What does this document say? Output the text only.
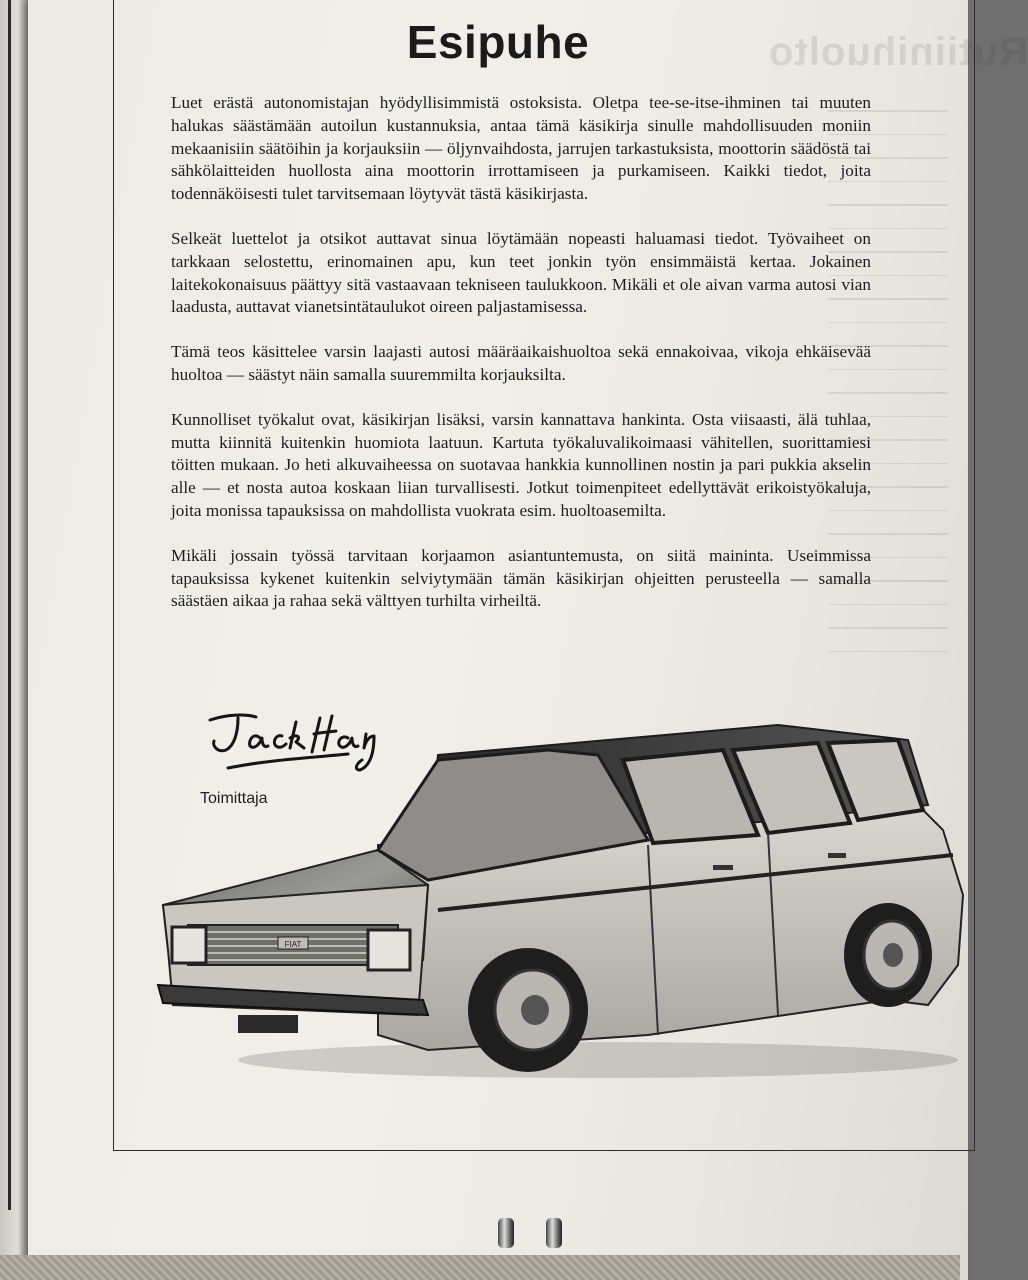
Rutiinihuolto
Esipuhe

Luet erästä autonomistajan hyödyllisimmistä ostoksista. Oletpa tee-se-itse-ihminen tai muuten halukas säästämään autoilun kustannuksia, antaa tämä käsikirja sinulle mahdollisuuden moniin mekaanisiin säätöihin ja korjauksiin — öljynvaihdosta, jarrujen tarkastuksista, moottorin säädöstä tai sähkölaitteiden huollosta aina moottorin irrottamiseen ja purkamiseen. Kaikki tiedot, joita todennäköisesti tulet tarvitsemaan löytyvät tästä käsikirjasta.

Selkeät luettelot ja otsikot auttavat sinua löytämään nopeasti haluamasi tiedot. Työvaiheet on tarkkaan selostettu, erinomainen apu, kun teet jonkin työn ensimmäistä kertaa. Jokainen laitekokonaisuus päättyy sitä vastaavaan tekniseen taulukkoon. Mikäli et ole aivan varma autosi vian laadusta, auttavat vianetsintätaulukot oireen paljastamisessa.

Tämä teos käsittelee varsin laajasti autosi määräaikaishuoltoa sekä ennakoivaa, vikoja ehkäisevää huoltoa — säästyt näin samalla suuremmilta korjauksilta.

Kunnolliset työkalut ovat, käsikirjan lisäksi, varsin kannattava hankinta. Osta viisaasti, älä tuhlaa, mutta kiinnitä kuitenkin huomiota laatuun. Kartuta työkaluvalikoimaasi vähitellen, suorittamiesi töitten mukaan. Jo heti alkuvaiheessa on suotavaa hankkia kunnollinen nostin ja pari pukkia akselin alle — et nosta autoa koskaan liian turvallisesti. Jotkut toimenpiteet edellyttävät erikoistyökaluja, joita monissa tapauksissa on mahdollista vuokrata esim. huoltoasemilta.

Mikäli jossain työssä tarvitaan korjaamon asiantuntemusta, on siitä maininta. Useimmissa tapauksissa kykenet kuitenkin selviytymään tämän käsikirjan ohjeitten perusteella — samalla säästäen aikaa ja rahaa sekä välttyen turhilta virheiltä.

Toimittaja
FIAT
